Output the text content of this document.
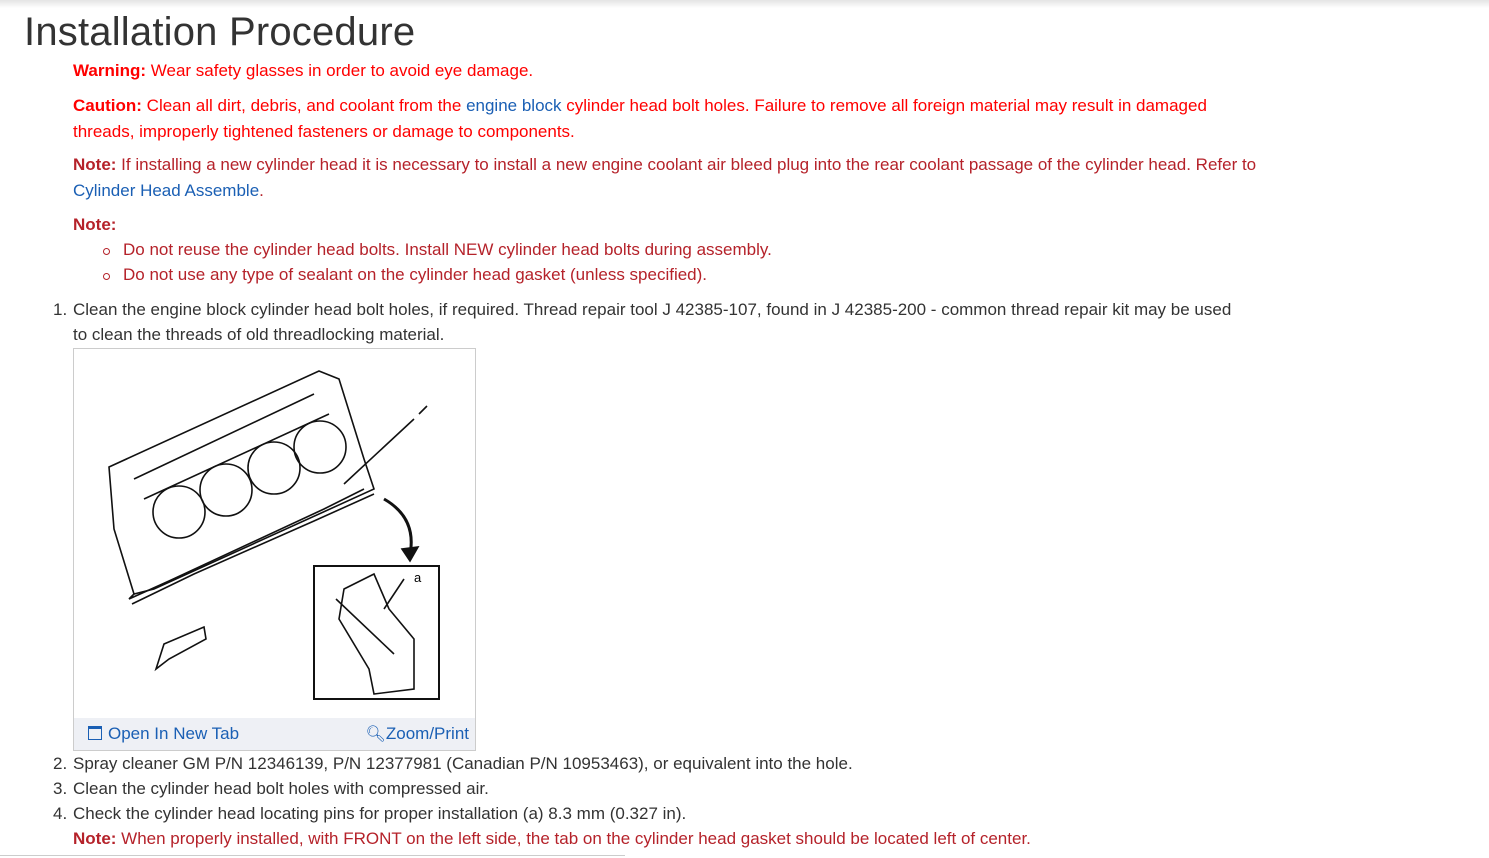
Installation Procedure
Warning: Wear safety glasses in order to avoid eye damage.
Caution: Clean all dirt, debris, and coolant from the engine block cylinder head bolt holes. Failure to remove all foreign material may result in damaged threads, improperly tightened fasteners or damage to components.
Note: If installing a new cylinder head it is necessary to install a new engine coolant air bleed plug into the rear coolant passage of the cylinder head. Refer to Cylinder Head Assemble.
Note:
Do not reuse the cylinder head bolts. Install NEW cylinder head bolts during assembly.
Do not use any type of sealant on the cylinder head gasket (unless specified).
1. Clean the engine block cylinder head bolt holes, if required. Thread repair tool J 42385-107, found in J 42385-200 - common thread repair kit may be used to clean the threads of old threadlocking material.
a
Open In New Tab	🔍︎Zoom/Print
2. Spray cleaner GM P/N 12346139, P/N 12377981 (Canadian P/N 10953463), or equivalent into the hole.
3. Clean the cylinder head bolt holes with compressed air.
4. Check the cylinder head locating pins for proper installation (a) 8.3 mm (0.327 in).
Note: When properly installed, with FRONT on the left side, the tab on the cylinder head gasket should be located left of center.
